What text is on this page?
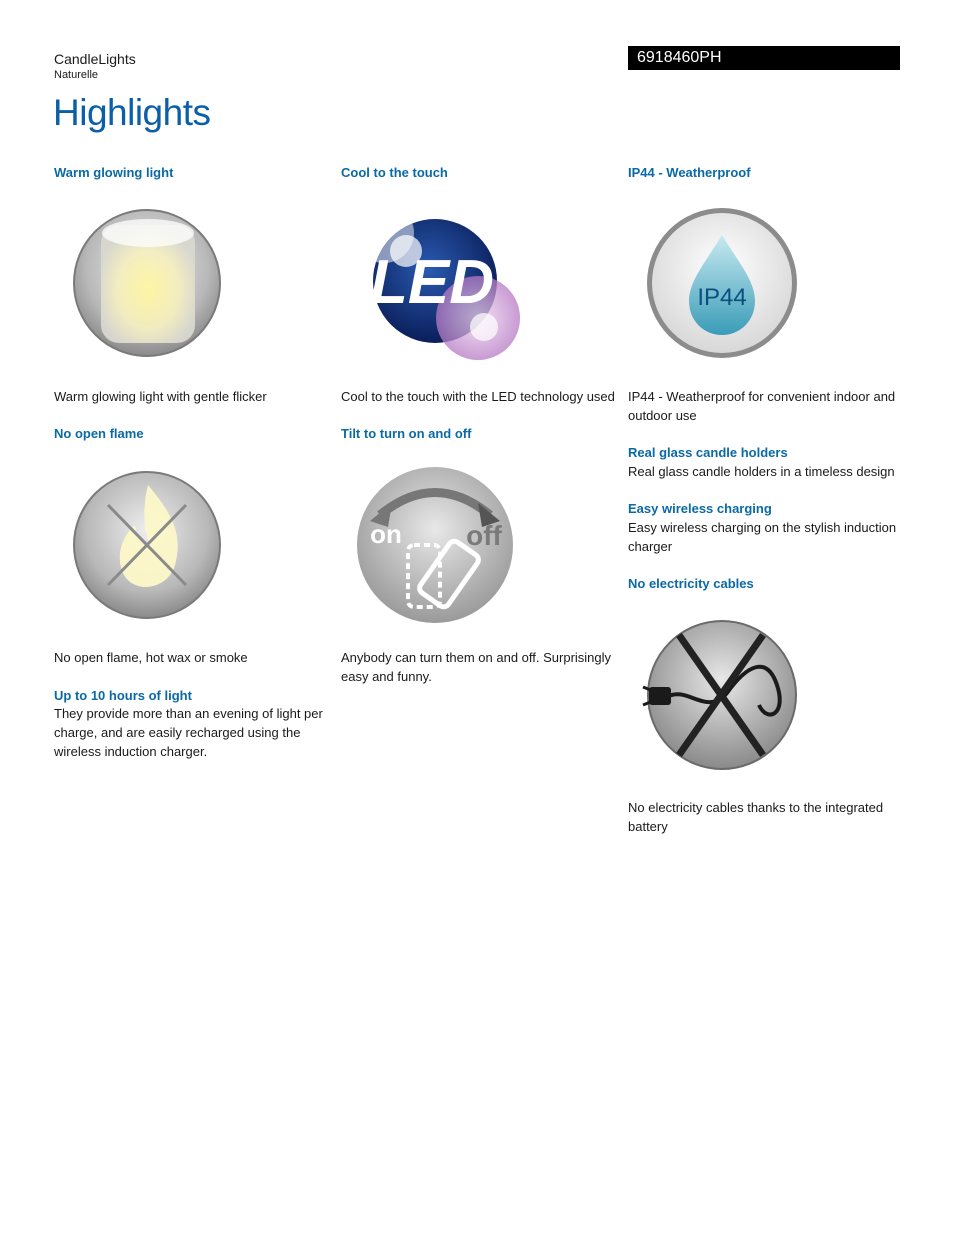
CandleLights
Naturelle
6918460PH
Highlights
Warm glowing light

Warm glowing light with gentle flicker

No open flame

No open flame, hot wax or smoke

Up to 10 hours of light

They provide more than an evening of light per

charge, and are easily recharged using the

wireless induction charger.

Cool to the touch
LED

Cool to the touch with the LED technology used

Tilt to turn on and off
on off

Anybody can turn them on and off. Surprisingly

easy and funny.

IP44 - Weatherproof
IP44

IP44 - Weatherproof for convenient indoor and

outdoor use

Real glass candle holders

Real glass candle holders in a timeless design

Easy wireless charging

Easy wireless charging on the stylish induction

charger

No electricity cables

No electricity cables thanks to the integrated

battery
